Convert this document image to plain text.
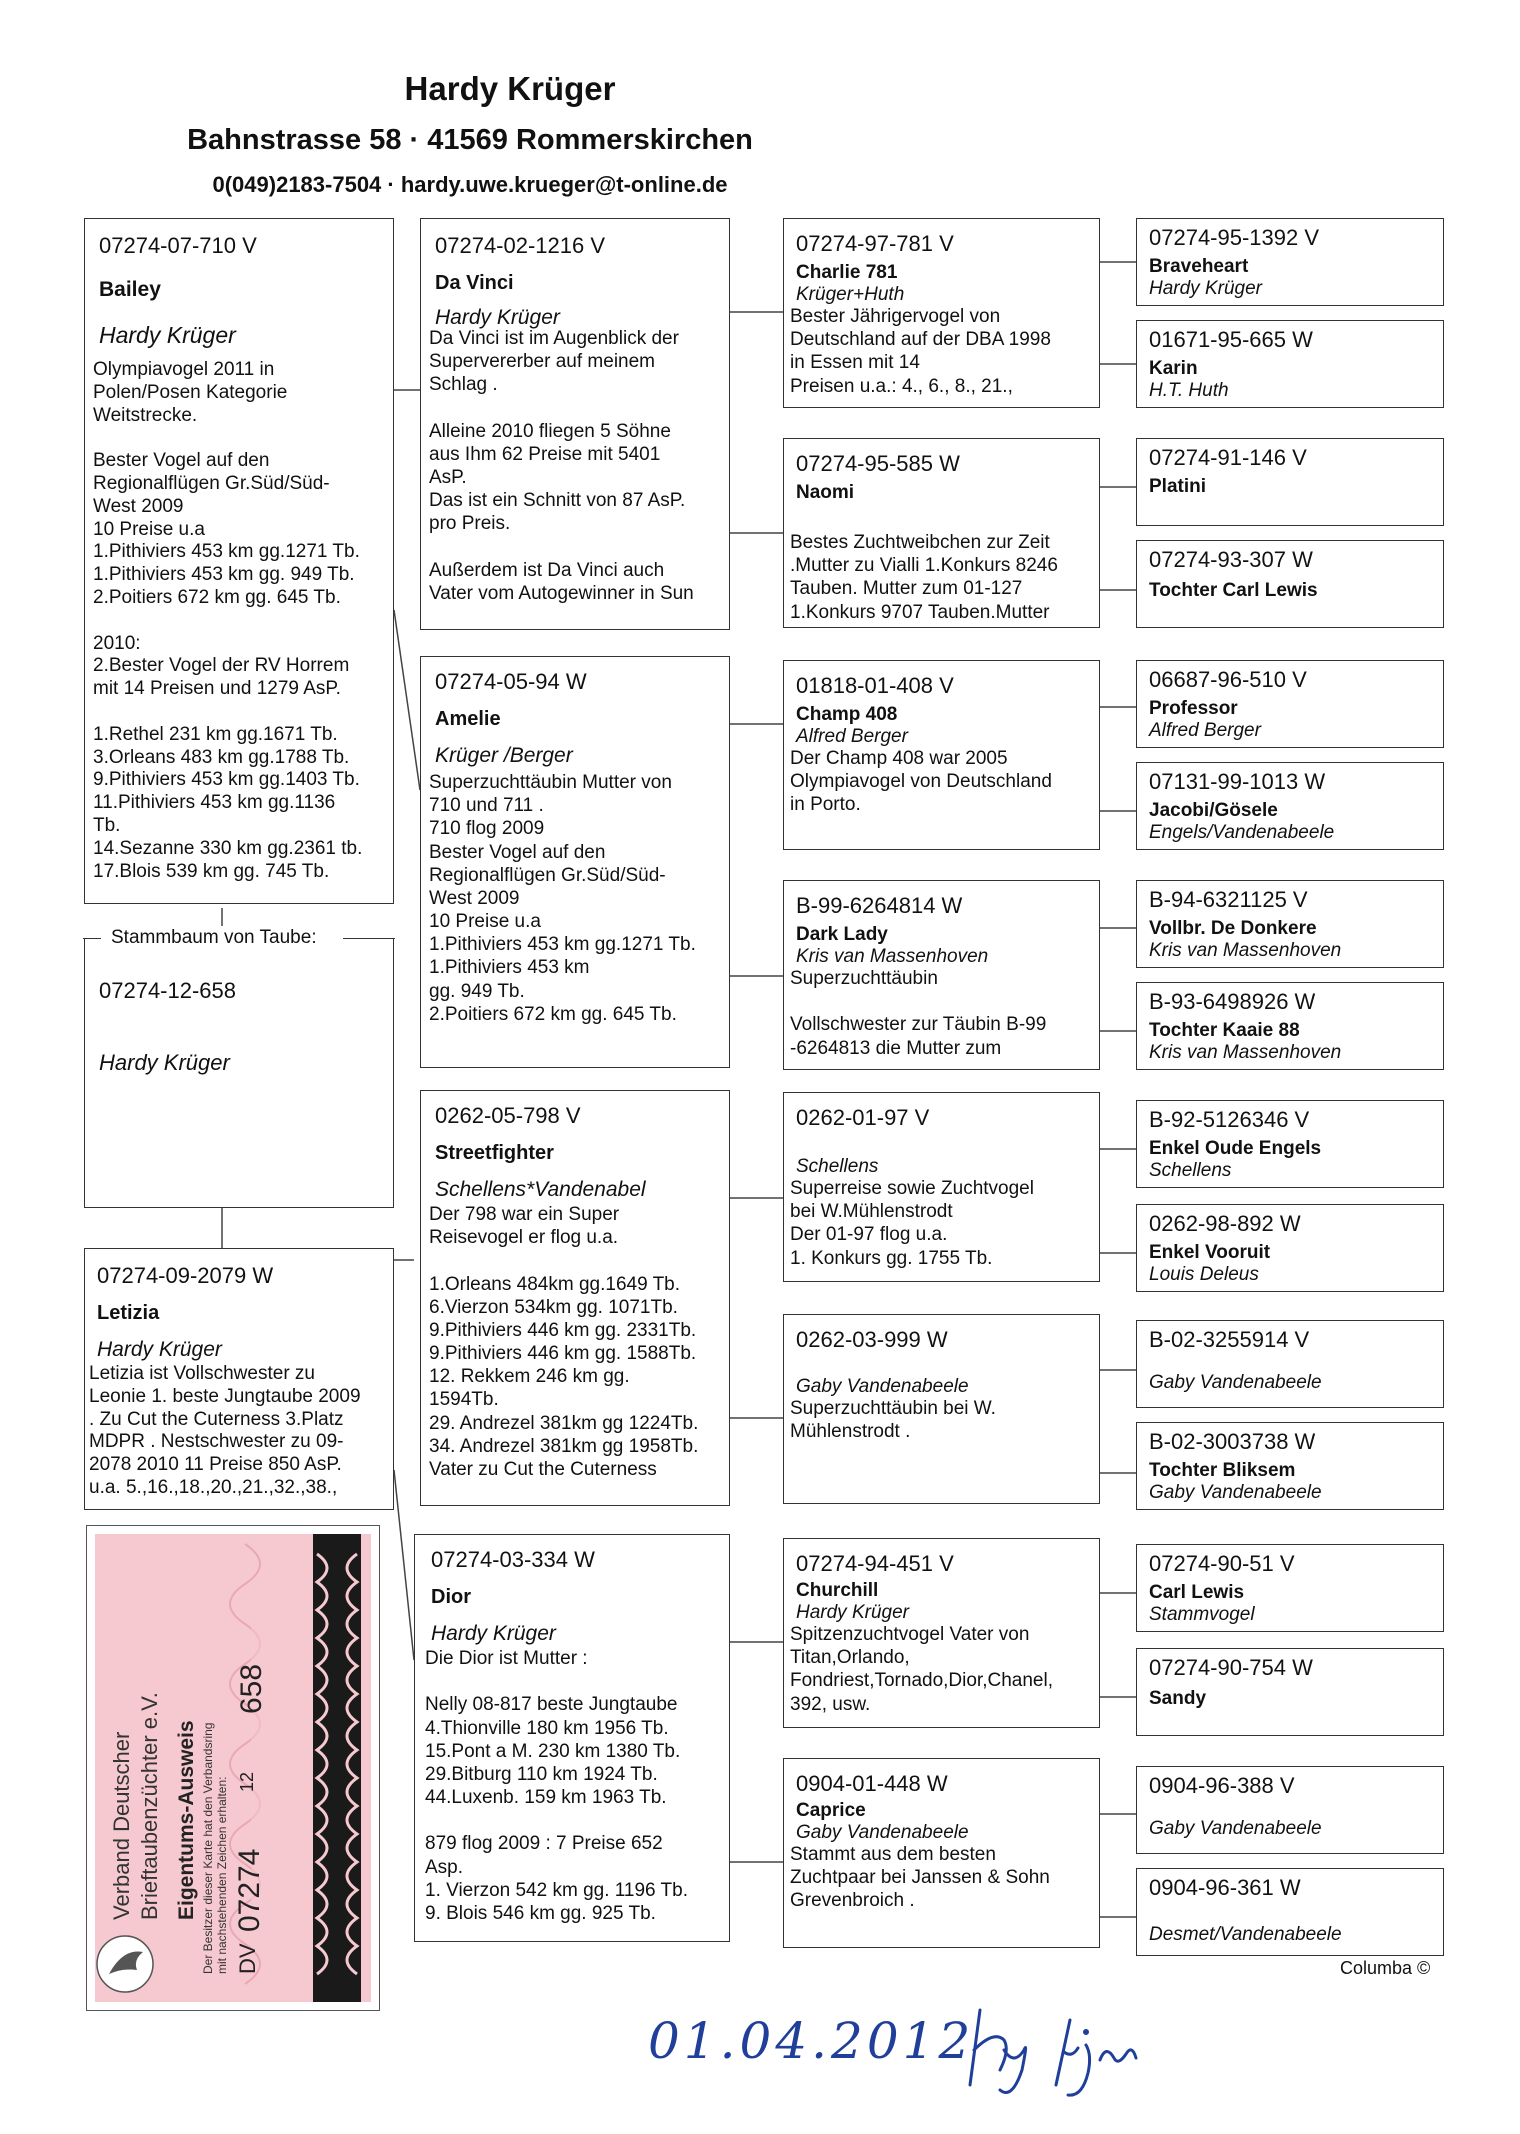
Hardy Krüger
Bahnstrasse 58 · 41569 Rommerskirchen
0(049)2183-7504 · hardy.uwe.krueger@t-online.de
07274-07-710 V
Bailey
Hardy Krüger
Olympiavogel 2011 in
Polen/Posen Kategorie
Weitstrecke.

Bester Vogel auf den
Regionalflügen Gr.Süd/Süd-
West 2009
10 Preise u.a
1.Pithiviers 453 km gg.1271 Tb.
1.Pithiviers 453 km gg. 949 Tb.
2.Poitiers 672 km gg. 645 Tb.

2010:
2.Bester Vogel der RV Horrem
mit 14 Preisen und 1279 AsP.

1.Rethel 231 km gg.1671 Tb.
3.Orleans 483 km gg.1788 Tb.
9.Pithiviers 453 km gg.1403 Tb.
11.Pithiviers 453 km gg.1136
Tb.
14.Sezanne 330 km gg.2361 tb.
17.Blois 539 km gg. 745 Tb.
Stammbaum von Taube:
07274-12-658
Hardy Krüger
07274-09-2079 W
Letizia
Hardy Krüger
Letizia ist Vollschwester zu
Leonie 1. beste Jungtaube 2009
. Zu Cut the Cuterness 3.Platz
MDPR . Nestschwester zu 09-
2078 2010 11 Preise 850 AsP.
u.a. 5.,16.,18.,20.,21.,32.,38.,
07274-02-1216 V
Da Vinci
Hardy Krüger
Da Vinci ist im Augenblick der
Supervererber auf meinem
Schlag .

Alleine 2010 fliegen 5 Söhne
aus Ihm 62 Preise mit 5401
AsP.
Das ist ein Schnitt von 87 AsP.
pro Preis.

Außerdem ist Da Vinci auch
Vater vom Autogewinner in Sun
07274-05-94 W
Amelie
Krüger /Berger
Superzuchttäubin Mutter von
710 und 711 .
710 flog 2009
Bester Vogel auf den
Regionalflügen Gr.Süd/Süd-
West 2009
10 Preise u.a
1.Pithiviers 453 km gg.1271 Tb.
1.Pithiviers 453 km
gg. 949 Tb.
2.Poitiers 672 km gg. 645 Tb.
0262-05-798 V
Streetfighter
Schellens*Vandenabel
Der 798 war ein Super
Reisevogel er flog u.a.

1.Orleans 484km gg.1649 Tb.
6.Vierzon 534km gg. 1071Tb.
9.Pithiviers 446 km gg. 2331Tb.
9.Pithiviers 446 km gg. 1588Tb.
12. Rekkem 246 km gg.
1594Tb.
29. Andrezel 381km gg 1224Tb.
34. Andrezel 381km gg 1958Tb.
Vater zu Cut the Cuterness
07274-03-334 W
Dior
Hardy Krüger
Die Dior ist Mutter :

Nelly 08-817 beste Jungtaube
4.Thionville 180 km 1956 Tb.
15.Pont a M. 230 km 1380 Tb.
29.Bitburg 110 km 1924 Tb.
44.Luxenb. 159 km 1963 Tb.

879 flog 2009 : 7 Preise 652
Asp.
1. Vierzon 542 km gg. 1196 Tb.
9. Blois 546 km gg. 925 Tb.
07274-97-781 V
Charlie 781
Krüger+Huth
Bester Jährigervogel von
Deutschland auf der DBA 1998
in Essen mit 14
Preisen u.a.: 4., 6., 8., 21.,
07274-95-585 W
Naomi
Bestes Zuchtweibchen zur Zeit
.Mutter zu Vialli 1.Konkurs 8246
Tauben. Mutter zum 01-127
1.Konkurs 9707 Tauben.Mutter
01818-01-408 V
Champ 408
Alfred Berger
Der Champ 408 war 2005
Olympiavogel von Deutschland
in Porto.
B-99-6264814 W
Dark Lady
Kris van Massenhoven
Superzuchttäubin

Vollschwester zur Täubin B-99
-6264813 die Mutter zum
0262-01-97 V
Schellens
Superreise sowie Zuchtvogel
bei W.Mühlenstrodt
Der 01-97 flog u.a.
1. Konkurs gg. 1755 Tb.
0262-03-999 W
Gaby Vandenabeele
Superzuchttäubin bei W.
Mühlenstrodt .
07274-94-451 V
Churchill
Hardy Krüger
Spitzenzuchtvogel Vater von
Titan,Orlando,
Fondriest,Tornado,Dior,Chanel,
392, usw.
0904-01-448 W
Caprice
Gaby Vandenabeele
Stammt aus dem besten
Zuchtpaar bei Janssen & Sohn
Grevenbroich .
07274-95-1392 V
Braveheart
Hardy Krüger
01671-95-665 W
Karin
H.T. Huth
07274-91-146 V
Platini
07274-93-307 W
Tochter Carl Lewis
06687-96-510 V
Professor
Alfred Berger
07131-99-1013 W
Jacobi/Gösele
Engels/Vandenabeele
B-94-6321125 V
Vollbr. De Donkere
Kris van Massenhoven
B-93-6498926 W
Tochter Kaaie 88
Kris van Massenhoven
B-92-5126346 V
Enkel Oude Engels
Schellens
0262-98-892 W
Enkel Vooruit
Louis Deleus
B-02-3255914 V
Gaby Vandenabeele
B-02-3003738 W
Tochter Bliksem
Gaby Vandenabeele
07274-90-51 V
Carl Lewis
Stammvogel
07274-90-754 W
Sandy
0904-96-388 V
Gaby Vandenabeele
0904-96-361 W
Desmet/Vandenabeele
Verband Deutscher Brieftaubenzüchter e.V. Eigentums-Ausweis Der Besitzer dieser Karte hat den Verbandsring mit nachstehenden Zeichen erhalten: DV
07274
12
658
Columba ©
01.04.2012
